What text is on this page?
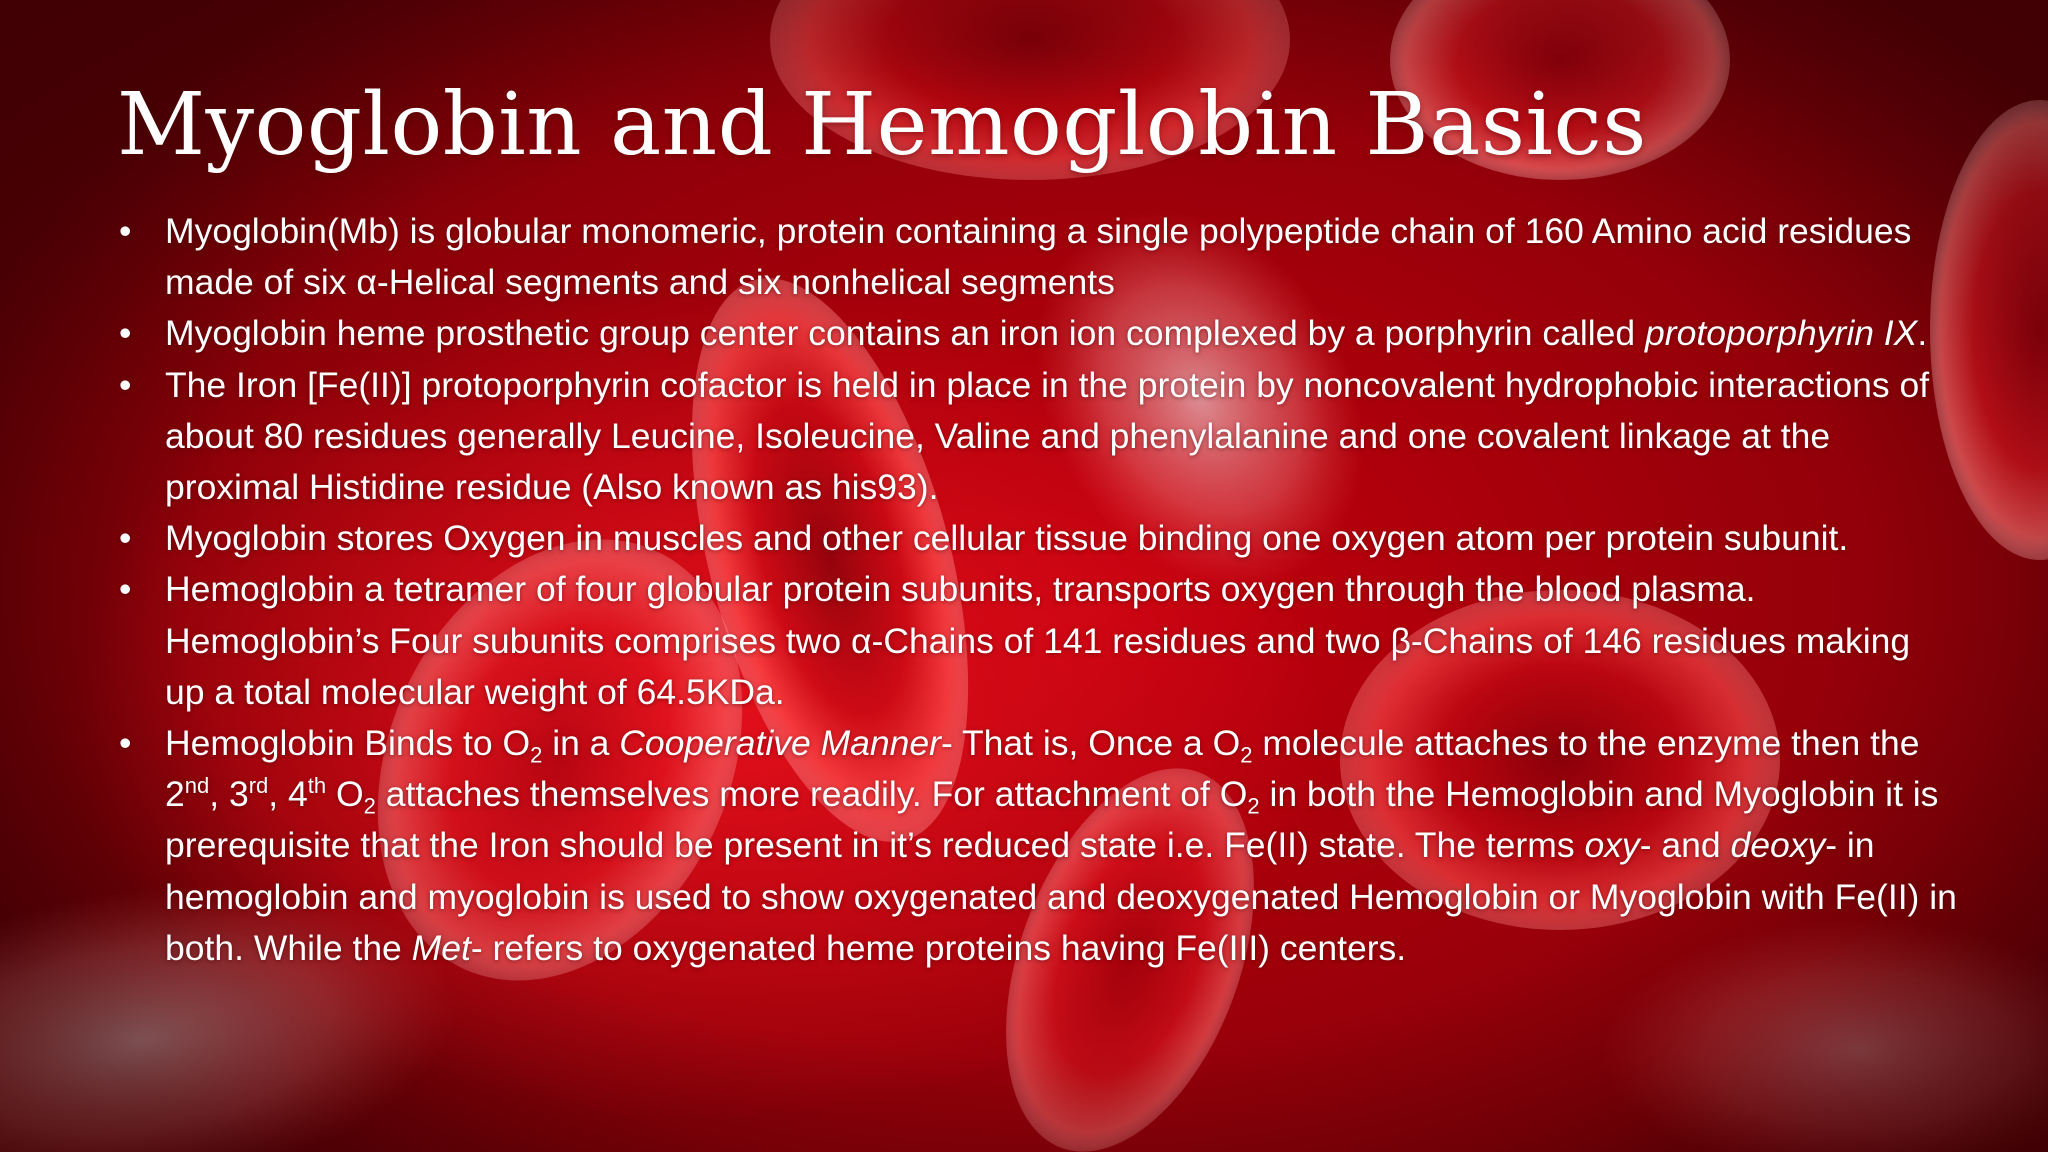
Myoglobin and Hemoglobin Basics
• Myoglobin(Mb) is globular monomeric, protein containing a single polypeptide chain of 160 Amino acid residues made of six α-Helical segments and six nonhelical segments
• Myoglobin heme prosthetic group center contains an iron ion complexed by a porphyrin called protoporphyrin IX.
• The Iron [Fe(II)] protoporphyrin cofactor is held in place in the protein by noncovalent hydrophobic interactions of about 80 residues generally Leucine, Isoleucine, Valine and phenylalanine and one covalent linkage at the proximal Histidine residue (Also known as his93).
• Myoglobin stores Oxygen in muscles and other cellular tissue binding one oxygen atom per protein subunit.
• Hemoglobin a tetramer of four globular protein subunits, transports oxygen through the blood plasma. Hemoglobin’s Four subunits comprises two α-Chains of 141 residues and two β-Chains of 146 residues making up a total molecular weight of 64.5KDa.
• Hemoglobin Binds to $O_2$ in a Cooperative Manner- That is, Once a $O_2$ molecule attaches to the enzyme then the 2nd, 3rd, 4th $O_2$ attaches themselves more readily. For attachment of $O_2$ in both the Hemoglobin and Myoglobin it is prerequisite that the Iron should be present in it’s reduced state i.e. Fe(II) state. The terms oxy- and deoxy- in hemoglobin and myoglobin is used to show oxygenated and deoxygenated Hemoglobin or Myoglobin with Fe(II) in both. While the Met- refers to oxygenated heme proteins having Fe(III) centers.
